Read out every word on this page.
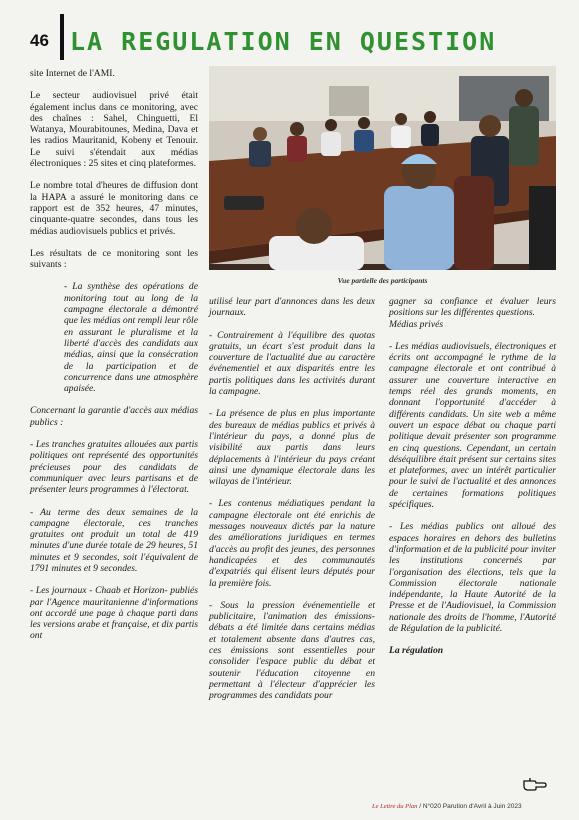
46 LA REGULATION EN QUESTION
Vue partielle des participants

site Internet de l'AMI.

Le secteur audiovisuel privé était également inclus dans ce monitoring, avec des chaînes : Sahel, Chinguetti, El Watanya, Mourabitounes, Medina, Dava et les radios Mauritanid, Kobeny et Tenouir. Le suivi s'étendait aux médias électroniques : 25 sites et cinq plateformes.

Le nombre total d'heures de diffusion dont la HAPA a assuré le monitoring dans ce rapport est de 352 heures, 47 minutes, cinquante-quatre secondes, dans tous les médias audiovisuels publics et privés.

Les résultats de ce monitoring sont les suivants :

- La synthèse des opérations de monitoring tout au long de la campagne électorale a démontré que les médias ont rempli leur rôle en assurant le pluralisme et la liberté d'accès des candidats aux médias, ainsi que la consécration de la participation et de concurrence dans une atmosphère apaisée.

Concernant la garantie d'accès aux médias publics :

- Les tranches gratuites allouées aux partis politiques ont représenté des opportunités précieuses pour des candidats de communiquer avec leurs partisans et de présenter leurs programmes à l'électorat.

- Au terme des deux semaines de la campagne électorale, ces tranches gratuites ont produit un total de 419 minutes d'une durée totale de 29 heures, 51 minutes et 9 secondes, soit l'équivalent de 1791 minutes et 9 secondes.

- Les journaux - Chaab et Horizon- publiés par l'Agence mauritanienne d'informations ont accordé une page à chaque parti dans les versions arabe et française, et dix partis ont

utilisé leur part d'annonces dans les deux journaux.

- Contrairement à l'équilibre des quotas gratuits, un écart s'est produit dans la couverture de l'actualité due au caractère événementiel et aux disparités entre les partis politiques dans les activités durant la campagne.

- La présence de plus en plus importante des bureaux de médias publics et privés à l'intérieur du pays, a donné plus de visibilité aux partis dans leurs déplacements à l'intérieur du pays créant ainsi une dynamique électorale dans les wilayas de l'intérieur.

- Les contenus médiatiques pendant la campagne électorale ont été enrichis de messages nouveaux dictés par la nature des améliorations juridiques en termes d'accès au profit des jeunes, des personnes handicapées et des communautés d'expatriés qui élisent leurs députés pour la première fois.

- Sous la pression événementielle et publicitaire, l'animation des émissions- débats a été limitée dans certains médias et totalement absente dans d'autres cas, ces émissions sont essentielles pour consolider l'espace public du débat et soutenir l'éducation citoyenne en permettant à l'électeur d'apprécier les programmes des candidats pour

gagner sa confiance et évaluer leurs positions sur les différentes questions.

Médias privés

- Les médias audiovisuels, électroniques et écrits ont accompagné le rythme de la campagne électorale et ont contribué à assurer une couverture interactive en temps réel des grands moments, en donnant l'opportunité d'accéder à différents candidats. Un site web a même ouvert un espace débat ou chaque parti politique devait présenter son programme en cinq questions. Cependant, un certain déséquilibre était présent sur certains sites et plateformes, avec un intérêt particulier pour le suivi de l'actualité et des annonces de certaines formations politiques spécifiques.

- Les médias publics ont alloué des espaces horaires en dehors des bulletins d'information et de la publicité pour inviter les institutions concernés par l'organisation des élections, tels que la Commission électorale nationale indépendante, la Haute Autorité de la Presse et de l'Audiovisuel, la Commission nationale des droits de l'homme, l'Autorité de Régulation de la publicité.

La régulation

Le Lettre du Plan / N°020 Parution d'Avril à Juin 2023
